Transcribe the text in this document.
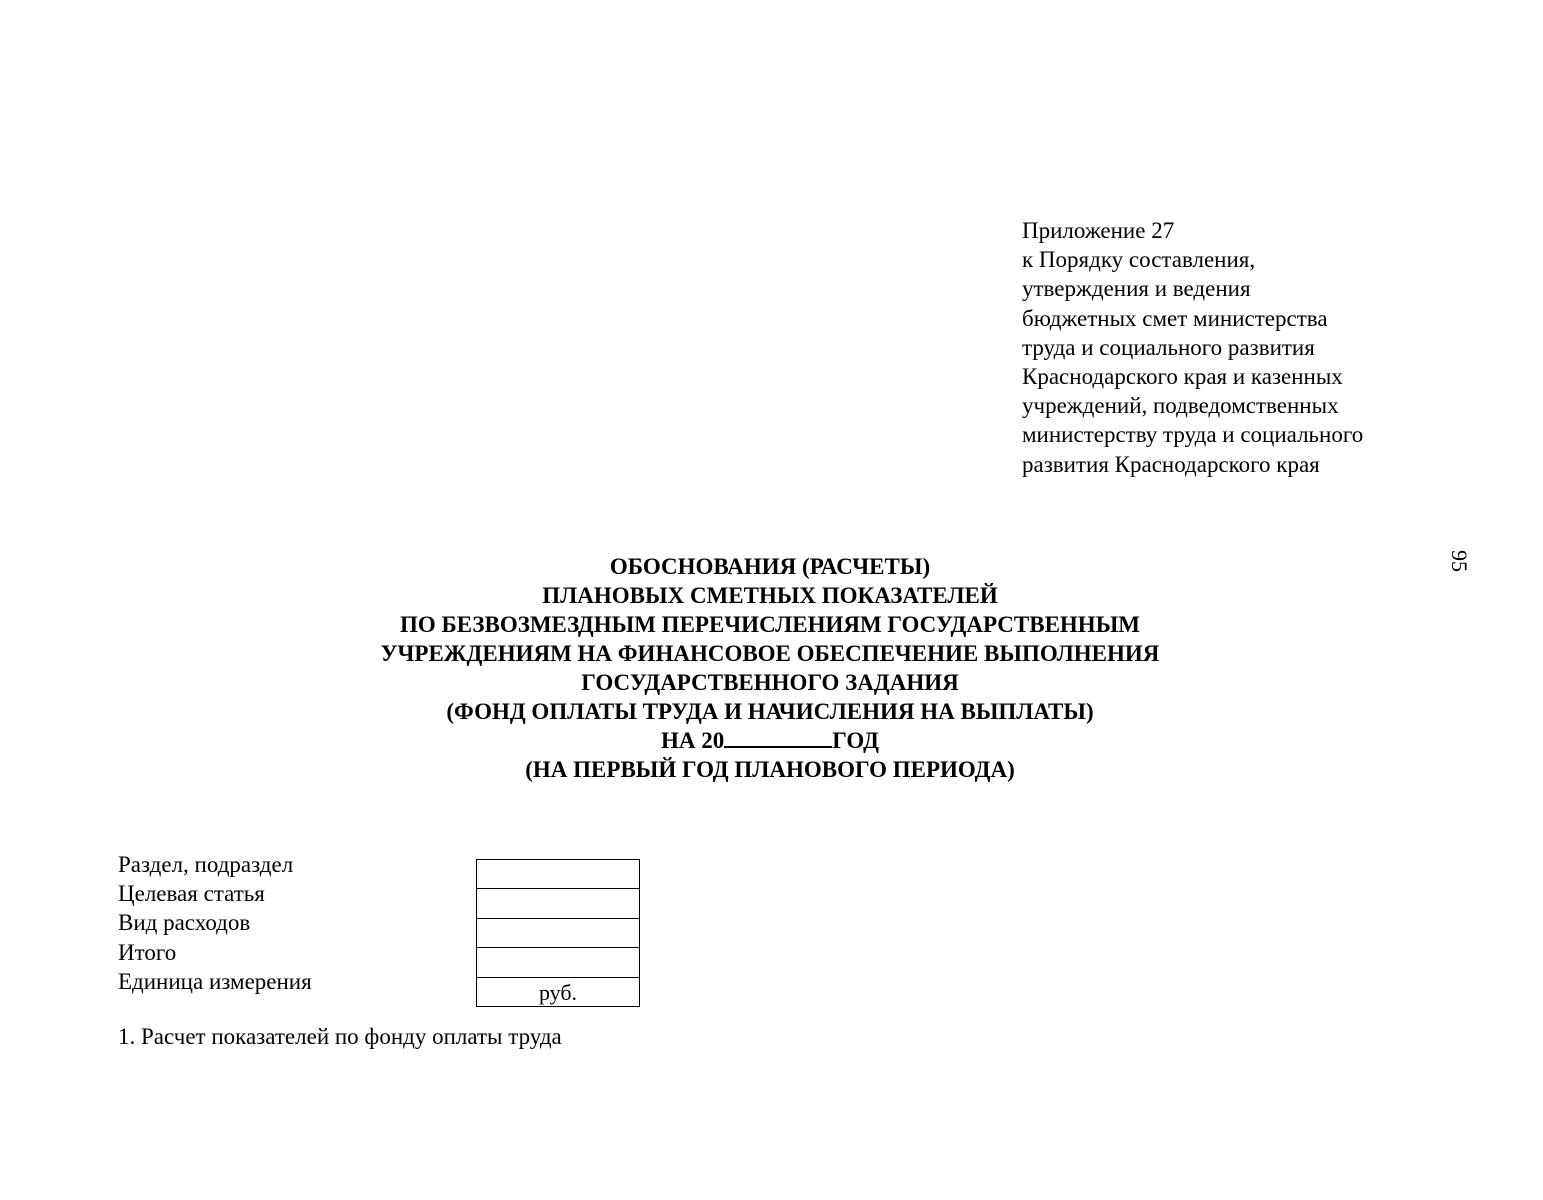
Приложение 27
к Порядку составления,
утверждения и ведения
бюджетных смет министерства
труда и социального развития
Краснодарского края и казенных
учреждений, подведомственных
министерству труда и социального
развития Краснодарского края
95
ОБОСНОВАНИЯ (РАСЧЕТЫ)
ПЛАНОВЫХ СМЕТНЫХ ПОКАЗАТЕЛЕЙ
ПО БЕЗВОЗМЕЗДНЫМ ПЕРЕЧИСЛЕНИЯМ ГОСУДАРСТВЕННЫМ
УЧРЕЖДЕНИЯМ НА ФИНАНСОВОЕ ОБЕСПЕЧЕНИЕ ВЫПОЛНЕНИЯ
ГОСУДАРСТВЕННОГО ЗАДАНИЯ
(ФОНД ОПЛАТЫ ТРУДА И НАЧИСЛЕНИЯ НА ВЫПЛАТЫ)
НА 20	ГОД
(НА ПЕРВЫЙ ГОД ПЛАНОВОГО ПЕРИОДА)
Раздел, подраздел
Целевая статья
Вид расходов
Итого
Единица измерения	руб.
1. Расчет показателей по фонду оплаты труда
